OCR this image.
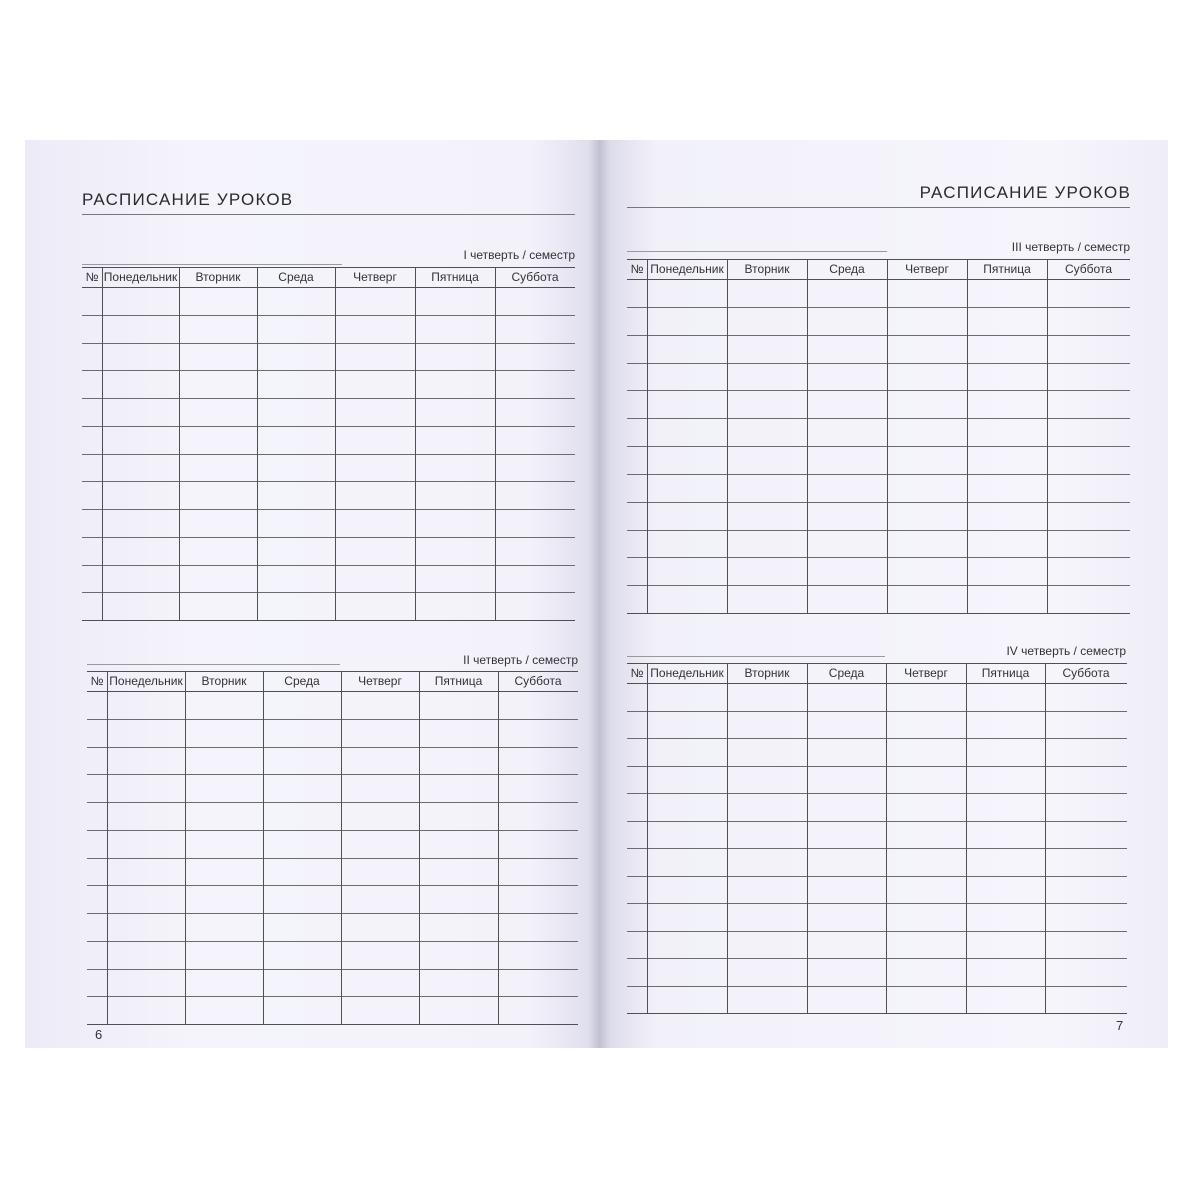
РАСПИСАНИЕ УРОКОВ
I четверть / семестр
№ Понедельник	Вторник	Среда	Четверг	Пятница	Суббота
II четверть / семестр
№ Понедельник	Вторник	Среда	Четверг	Пятница	Суббота
6
РАСПИСАНИЕ УРОКОВ
III четверть / семестр
№ Понедельник	Вторник	Среда	Четверг	Пятница	Суббота
IV четверть / семестр
№ Понедельник	Вторник	Среда	Четверг	Пятница	Суббота
7
